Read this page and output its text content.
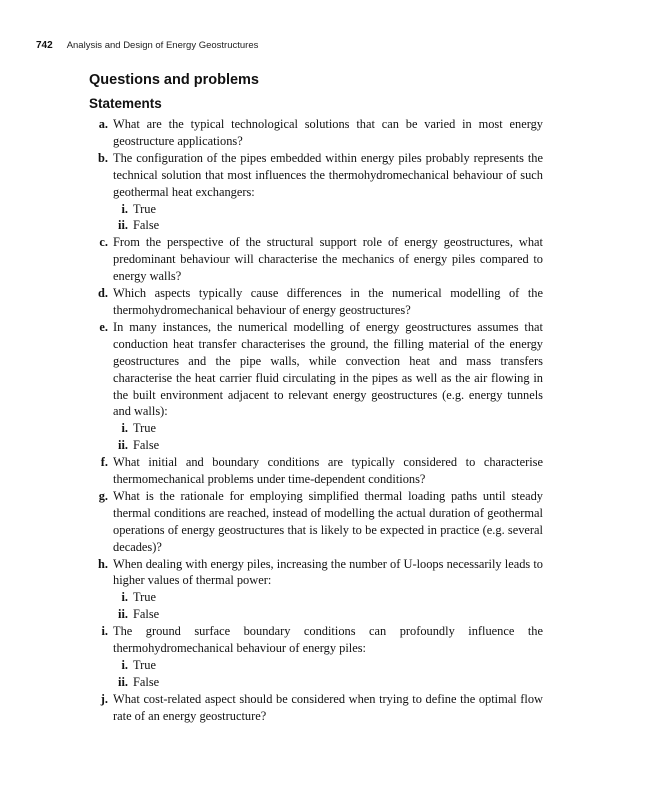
742 Analysis and Design of Energy Geostructures
Questions and problems
Statements
a. What are the typical technological solutions that can be varied in most energy geostructure applications?

b. The configuration of the pipes embedded within energy piles probably represents the technical solution that most influences the thermohydromechanical behaviour of such geothermal heat exchangers:

i. True
ii. False
c. From the perspective of the structural support role of energy geostructures, what predominant behaviour will characterise the mechanics of energy piles compared to energy walls?

d. Which aspects typically cause differences in the numerical modelling of the thermohydromechanical behaviour of energy geostructures?

e. In many instances, the numerical modelling of energy geostructures assumes that conduction heat transfer characterises the ground, the filling material of the energy geostructures and the pipe walls, while convection heat and mass transfers characterise the heat carrier fluid circulating in the pipes as well as the air flowing in the built environment adjacent to relevant energy geostructures (e.g. energy tunnels and walls):

i. True
ii. False
f. What initial and boundary conditions are typically considered to characterise thermomechanical problems under time-dependent conditions?

g. What is the rationale for employing simplified thermal loading paths until steady thermal conditions are reached, instead of modelling the actual duration of geothermal operations of energy geostructures that is likely to be expected in practice (e.g. several decades)?

h. When dealing with energy piles, increasing the number of U-loops necessarily leads to higher values of thermal power:

i. True
ii. False
i. The ground surface boundary conditions can profoundly influence the thermohydromechanical behaviour of energy piles:

i. True
ii. False
j. What cost-related aspect should be considered when trying to define the optimal flow rate of an energy geostructure?
